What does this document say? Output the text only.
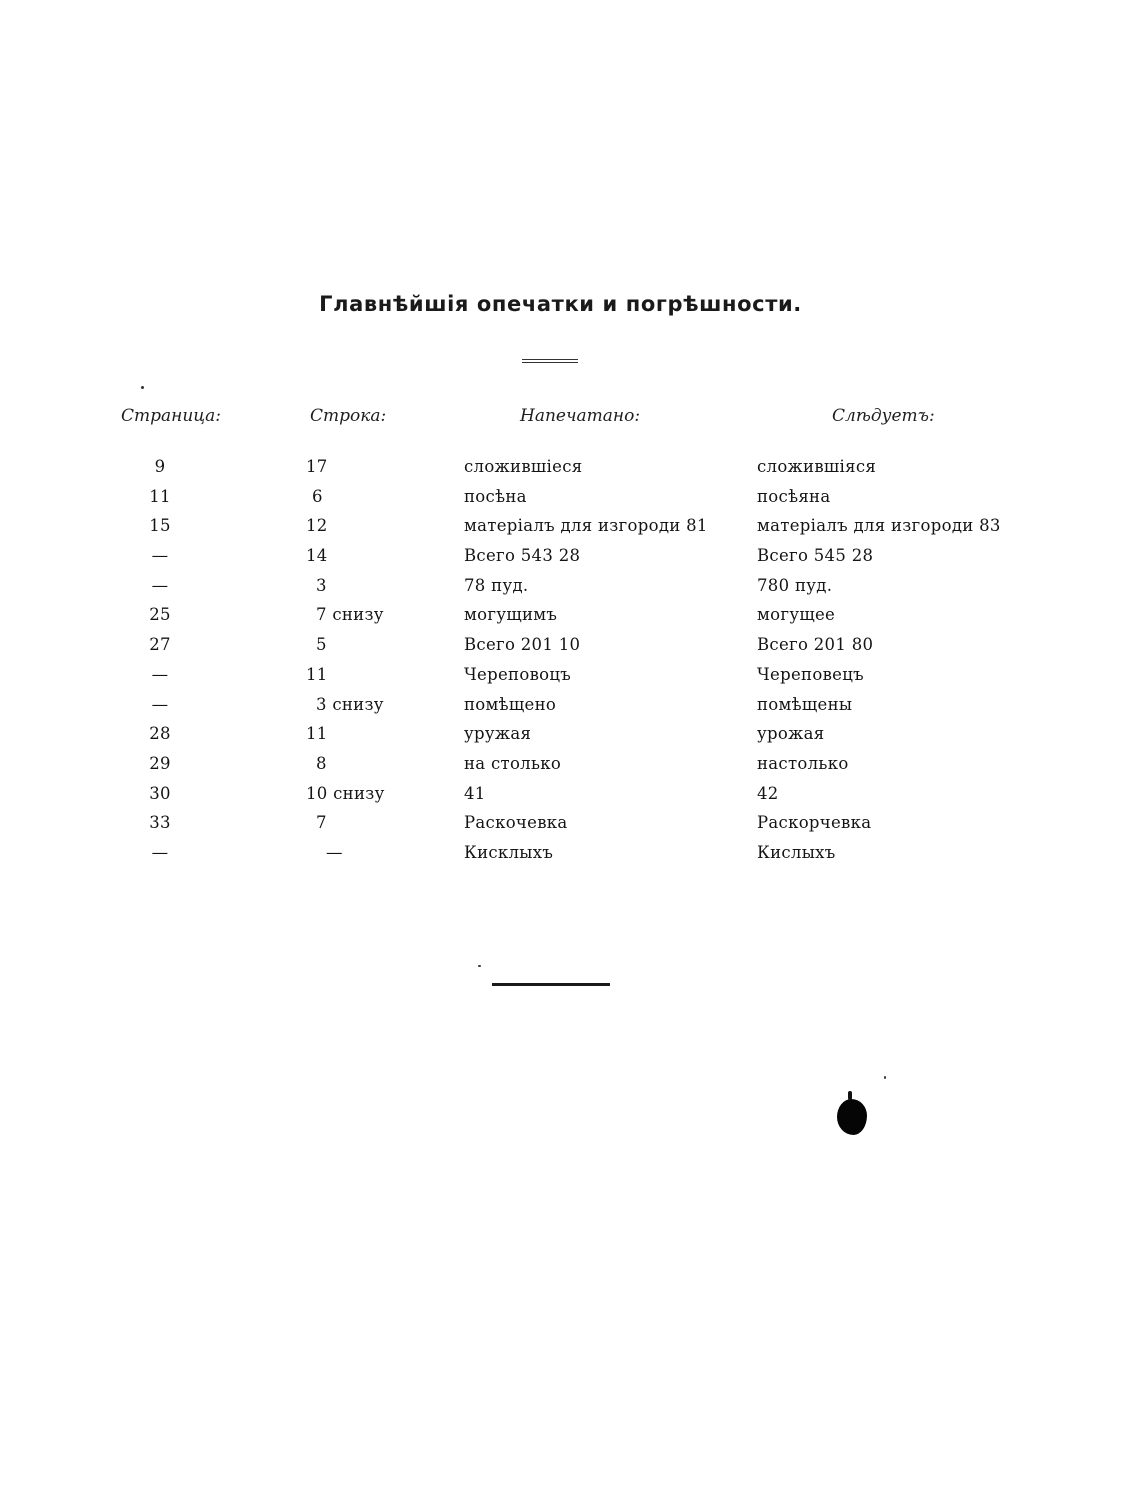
Главнѣйшія опечатки и погрѣшности.
Страница:	Строка:	Напечатано:	Слѣдуетъ:
9	17	сложившіеся	сложившіяся
11	6	посѣна	посѣяна
15	12	матеріалъ для изгороди 81	матеріалъ для изгороди 83
—	14	Всего 543 28	Всего 545 28
—	3	78 пуд.	780 пуд.
25	7 снизу	могущимъ	могущее
27	5	Всего 201 10	Всего 201 80
—	11	Череповоцъ	Череповецъ
—	3 снизу	помѣщено	помѣщены
28	11	уружая	урожая
29	8	на столько	настолько
30	10 снизу	41	42
33	7	Раскочевка	Раскорчевка
—	—	Кисклыхъ	Кислыхъ
